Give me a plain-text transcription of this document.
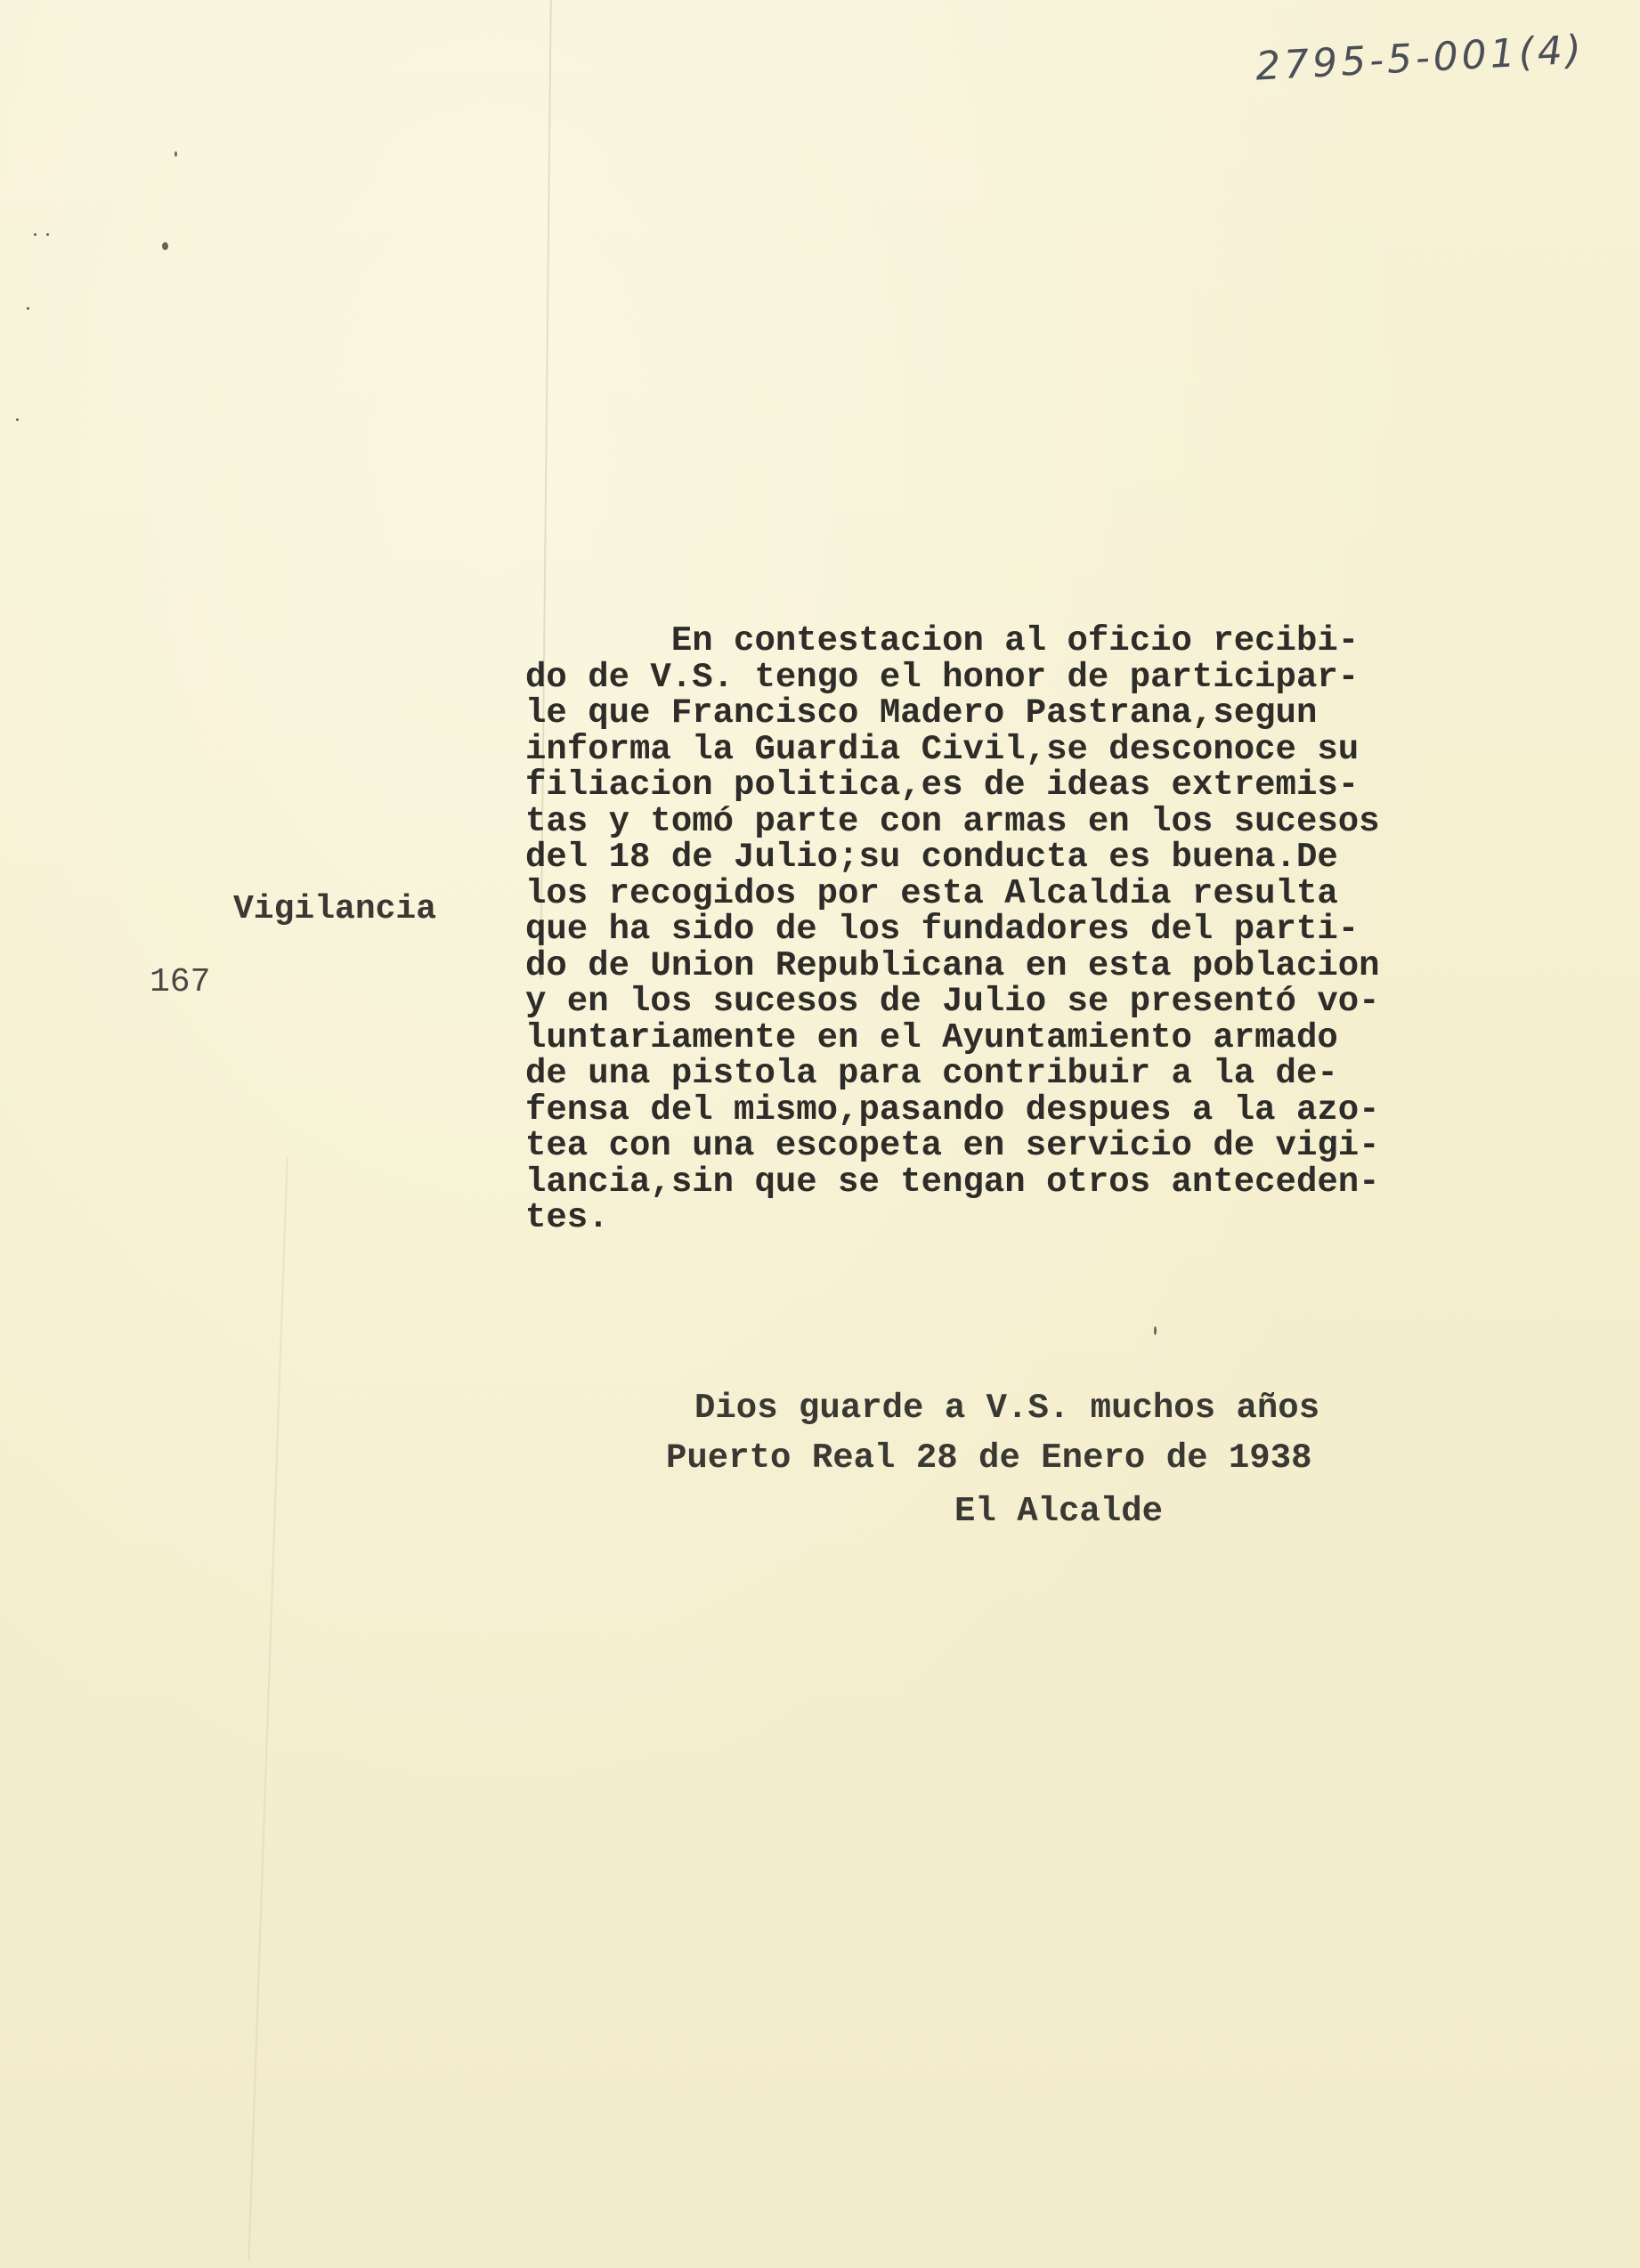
2795-5-001(4)
Vigilancia
167
En contestacion al oficio recibi-
do de V.S. tengo el honor de participar-
le que Francisco Madero Pastrana,segun
informa la Guardia Civil,se desconoce su
filiacion politica,es de ideas extremis-
tas y tomó parte con armas en los sucesos
del 18 de Julio;su conducta es buena.De
los recogidos por esta Alcaldia resulta
que ha sido de los fundadores del parti-
do de Union Republicana en esta poblacion
y en los sucesos de Julio se presentó vo-
luntariamente en el Ayuntamiento armado
de una pistola para contribuir a la de-
fensa del mismo,pasando despues a la azo-
tea con una escopeta en servicio de vigi-
lancia,sin que se tengan otros anteceden-
tes.
Dios guarde a V.S. muchos años
Puerto Real 28 de Enero de 1938
El Alcalde
